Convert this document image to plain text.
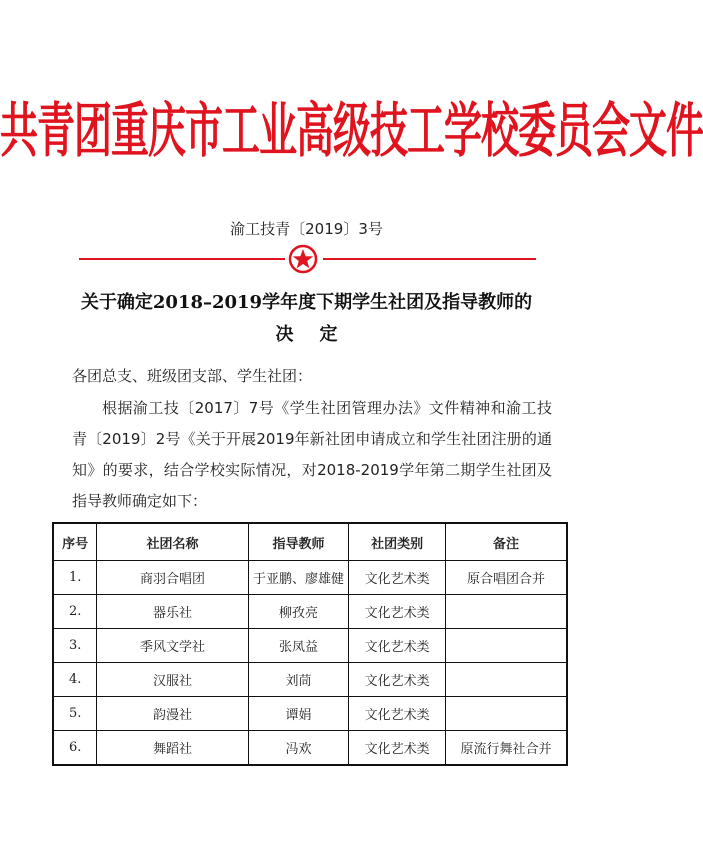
共青团重庆市工业高级技工学校委员会文件
渝工技青〔2019〕3号
关于确定2018–2019学年度下期学生社团及指导教师的
决定
各团总支、班级团支部、学生社团：
根据渝工技〔2017〕7号《学生社团管理办法》文件精神和渝工技青〔2019〕2号《关于开展2019年新社团申请成立和学生社团注册的通知》的要求，结合学校实际情况，对2018-2019学年第二期学生社团及指导教师确定如下：
序号	社团名称	指导教师	社团类别	备注
1.	商羽合唱团	于亚鹏、廖雄健	文化艺术类	原合唱团合并
2.	器乐社	柳孜亮	文化艺术类	
3.	季风文学社	张凤益	文化艺术类	
4.	汉服社	刘茼	文化艺术类	
5.	韵漫社	谭娟	文化艺术类	
6.	舞蹈社	冯欢	文化艺术类	原流行舞社合并
